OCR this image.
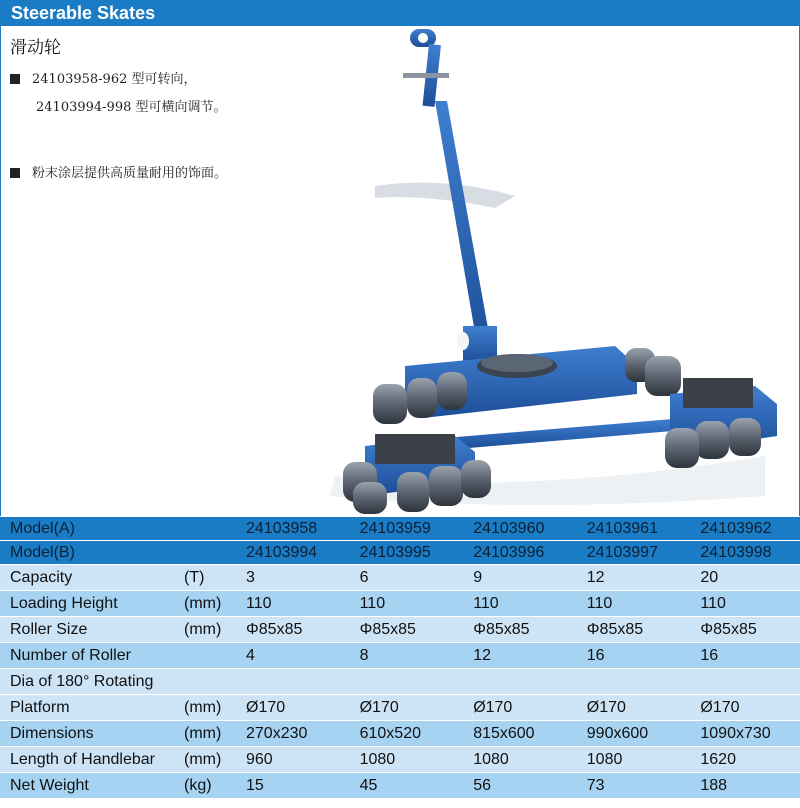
Steerable Skates
滑动轮
24103958-962 型可转向，
24103994-998 型可横向调节。
粉末涂层提供高质量耐用的饰面。
Model(A)		24103958	24103959	24103960	24103961	24103962
Model(B)		24103994	24103995	24103996	24103997	24103998
Capacity	(T)	3	6	9	12	20
Loading Height	(mm)	110	110	110	110	110
Roller Size	(mm)	Φ85x85	Φ85x85	Φ85x85	Φ85x85	Φ85x85
Number of Roller		4	8	12	16	16
Dia of 180° Rotating						
Platform	(mm)	Ø170	Ø170	Ø170	Ø170	Ø170
Dimensions	(mm)	270x230	610x520	815x600	990x600	1090x730
Length of Handlebar	(mm)	960	1080	1080	1080	1620
Net Weight	(kg)	15	45	56	73	188
